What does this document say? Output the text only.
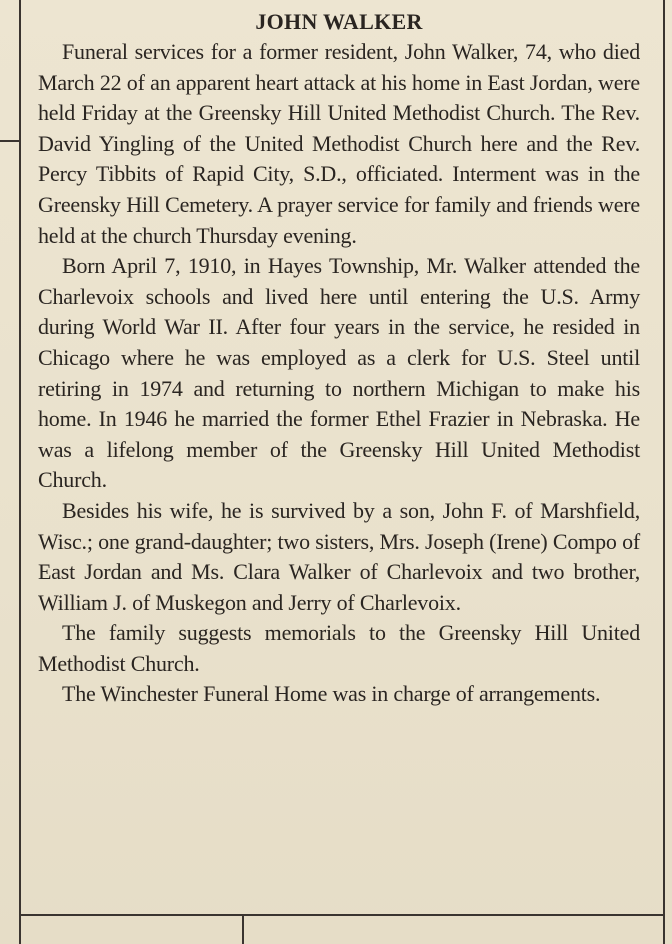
JOHN WALKER

Funeral services for a former resident, John Walker, 74, who died March 22 of an apparent heart attack at his home in East Jordan, were held Friday at the Greensky Hill United Methodist Church. The Rev. David Yingling of the United Methodist Church here and the Rev. Percy Tibbits of Rapid City, S.D., officiated. Interment was in the Greensky Hill Cemetery. A prayer service for family and friends were held at the church Thursday evening.

Born April 7, 1910, in Hayes Township, Mr. Walker attended the Charlevoix schools and lived here until entering the U.S. Army during World War II. After four years in the service, he resided in Chicago where he was employed as a clerk for U.S. Steel until retiring in 1974 and returning to northern Michigan to make his home. In 1946 he married the former Ethel Frazier in Nebraska. He was a lifelong member of the Greensky Hill United Methodist Church.

Besides his wife, he is survived by a son, John F. of Marshfield, Wisc.; one grand-daughter; two sisters, Mrs. Joseph (Irene) Compo of East Jordan and Ms. Clara Walker of Charlevoix and two brother, William J. of Muskegon and Jerry of Charlevoix.

The family suggests memorials to the Greensky Hill United Methodist Church.

The Winchester Funeral Home was in charge of arrangements.
